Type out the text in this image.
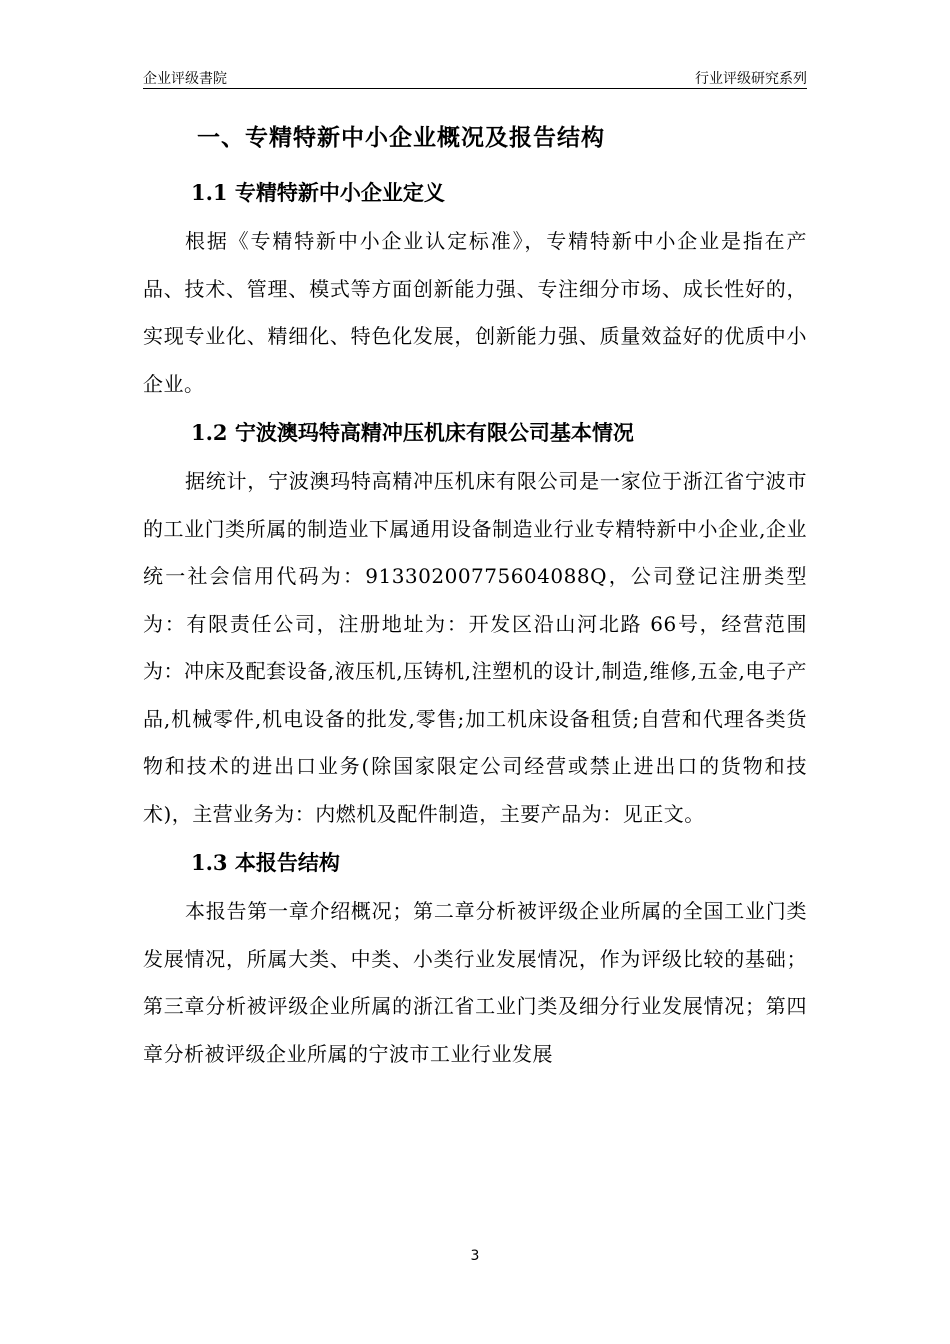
企业评级書院	行业评级研究系列
一、专精特新中小企业概况及报告结构
1.1 专精特新中小企业定义

根据《专精特新中小企业认定标准》，专精特新中小企业是指在产品、技术、管理、模式等方面创新能力强、专注细分市场、成长性好的，实现专业化、精细化、特色化发展，创新能力强、质量效益好的优质中小企业。

1.2 宁波澳玛特高精冲压机床有限公司基本情况

据统计，宁波澳玛特高精冲压机床有限公司是一家位于浙江省宁波市的工业门类所属的制造业下属通用设备制造业行业专精特新中小企业,企业统一社会信用代码为：91330200775604088Q，公司登记注册类型为：有限责任公司，注册地址为：开发区沿山河北路 66号，经营范围为：冲床及配套设备,液压机,压铸机,注塑机的设计,制造,维修,五金,电子产品,机械零件,机电设备的批发,零售;加工机床设备租赁;自营和代理各类货物和技术的进出口业务(除国家限定公司经营或禁止进出口的货物和技术)，主营业务为：内燃机及配件制造，主要产品为：见正文。

1.3 本报告结构

本报告第一章介绍概况；第二章分析被评级企业所属的全国工业门类发展情况，所属大类、中类、小类行业发展情况，作为评级比较的基础；第三章分析被评级企业所属的浙江省工业门类及细分行业发展情况；第四章分析被评级企业所属的宁波市工业行业发展

3
